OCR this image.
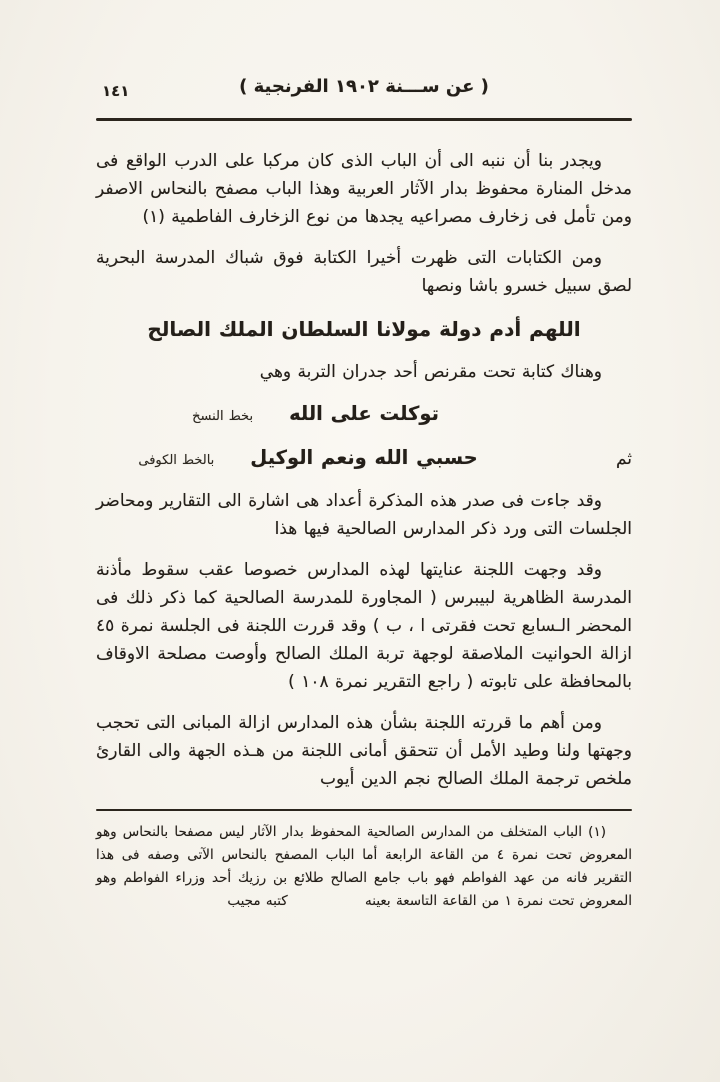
١٤١	( عن ســـنة ١٩٠٢ الفرنجية )

ويجدر بنا أن ننبه الى أن الباب الذى كان مركبا على الدرب الواقع فى مدخل المنارة محفوظ بدار الآثار العربية وهذا الباب مصفح بالنحاس الاصفر ومن تأمل فى زخارف مصراعيه يجدها من نوع الزخارف الفاطمية (١)

ومن الكتابات التى ظهرت أخيرا الكتابة فوق شباك المدرسة البحرية لصق سبيل خسرو باشا ونصها

اللهم أدم دولة مولانا السلطان الملك الصالح

وهناك كتابة تحت مقرنص أحد جدران التربة وهي

توكلت على الله
بخط النسخ
ثم
حسبي الله ونعم الوكيل
بالخط الكوفى

وقد جاءت فى صدر هذه المذكرة أعداد هى اشارة الى التقارير ومحاضر الجلسات التى ورد ذكر المدارس الصالحية فيها هذا

وقد وجهت اللجنة عنايتها لهذه المدارس خصوصا عقب سقوط مأذنة المدرسة الظاهرية لبيبرس ( المجاورة للمدرسة الصالحية كما ذكر ذلك فى المحضر الـسابع تحت فقرتى ا ، ب ) وقد قررت اللجنة فى الجلسة نمرة ٤٥ ازالة الحوانيت الملاصقة لوجهة تربة الملك الصالح وأوصت مصلحة الاوقاف بالمحافظة على تابوته ( راجع التقرير نمرة ١٠٨ )

ومن أهم ما قررته اللجنة بشأن هذه المدارس ازالة المبانى التى تحجب وجهتها ولنا وطيد الأمل أن تتحقق أمانى اللجنة من هـذه الجهة والى القارئ ملخص ترجمة الملك الصالح نجم الدين أيوب

(١) الباب المتخلف من المدارس الصالحية المحفوظ بدار الآثار ليس مصفحا بالنحاس وهو المعروض تحت نمرة ٤ من القاعة الرابعة أما الباب المصفح بالنحاس الآتى وصفه فى هذا التقرير فانه من عهد الفواطم فهو باب جامع الصالح طلائع بن رزيك أحد وزراء الفواطم وهو المعروض تحت نمرة ١ من القاعة التاسعة بعينه كتبه مجيب
